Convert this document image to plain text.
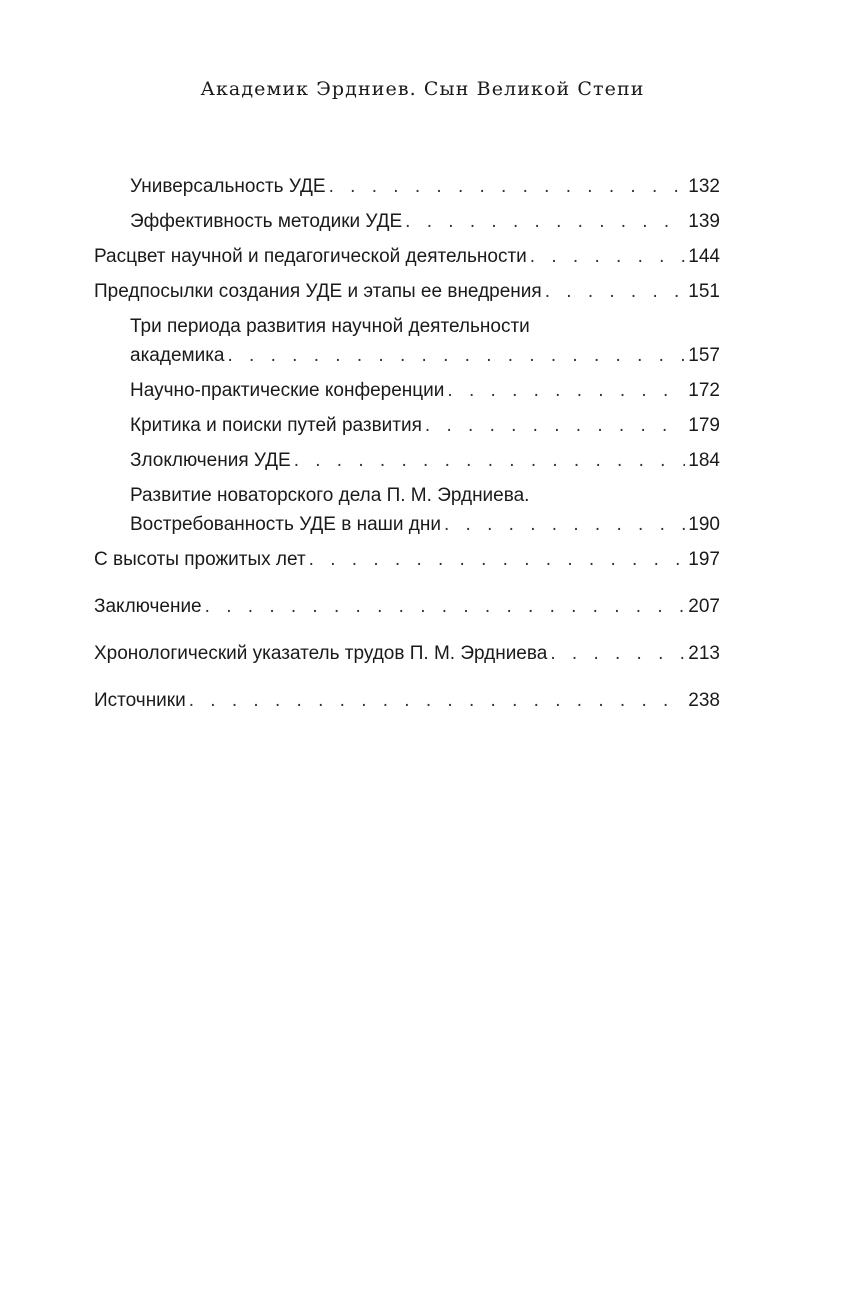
Академик Эрдниев. Сын Великой Степи
Универсальность УДЕ . . .	132
Эффективность методики УДЕ . . .	139
Расцвет научной и педагогической деятельности . . .	144
Предпосылки создания УДЕ и этапы ее внедрения . . .	151
Три периода развития научной деятельности
академика . . .	157
Научно-практические конференции . . .	172
Критика и поиски путей развития . . .	179
Злоключения УДЕ . . .	184
Развитие новаторского дела П. М. Эрдниева.
Востребованность УДЕ в наши дни . . .	190
С высоты прожитых лет . . .	197
Заключение . . .	207
Хронологический указатель трудов П. М. Эрдниева . . .	213
Источники . . .	238
